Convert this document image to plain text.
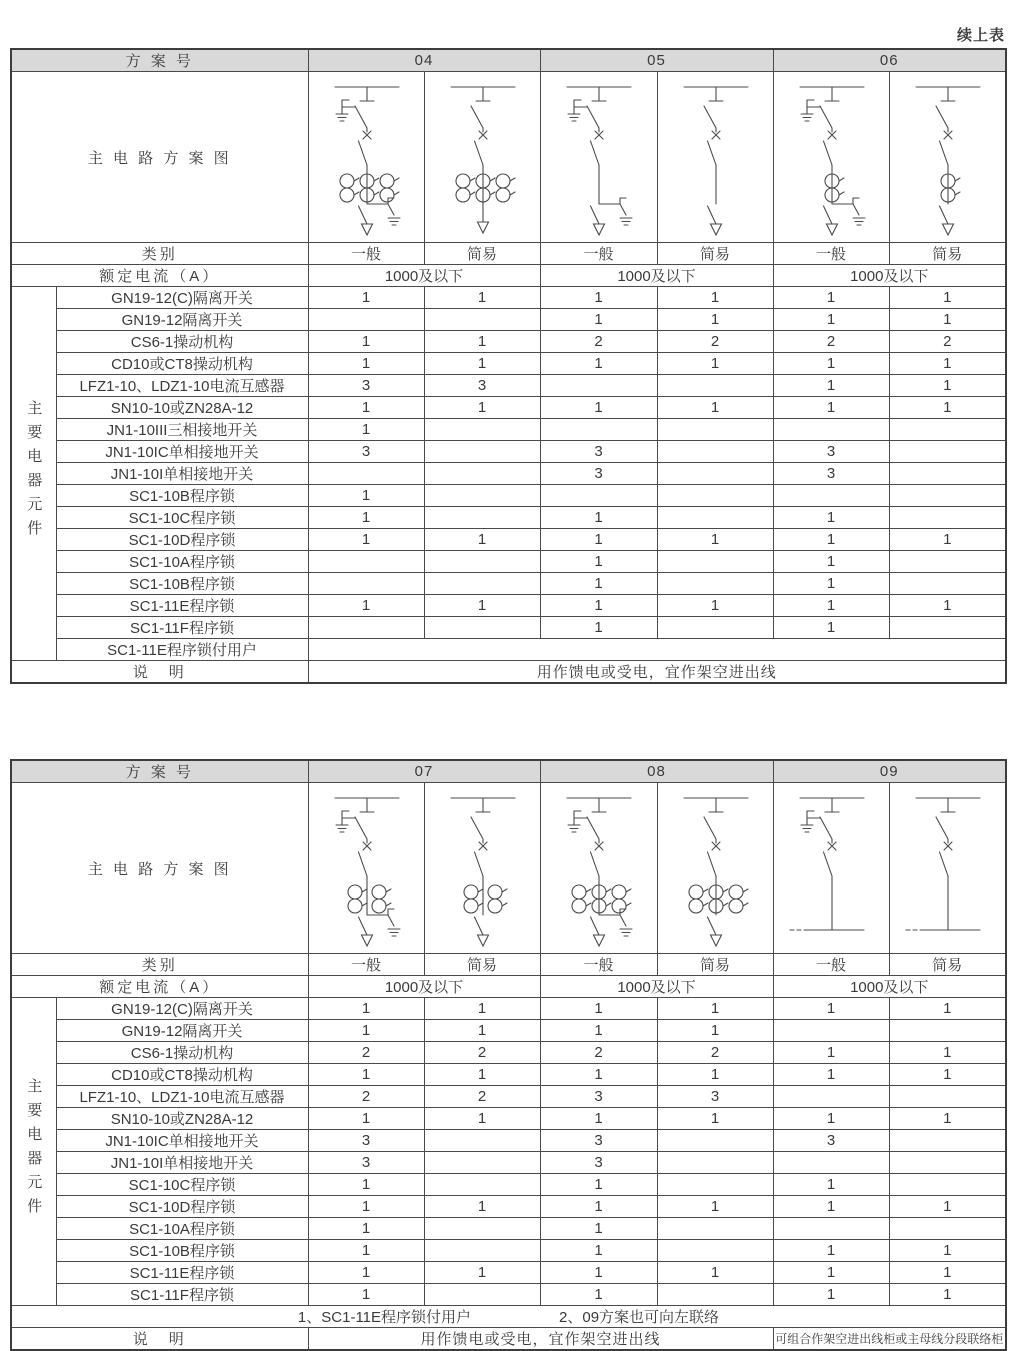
续上表
方 案 号		04		05		06	
主 电 路 方 案 图	

类别		一般	简易	一般	简易	一般	简易
额定电流（A）		1000及以下		1000及以下		1000及以下	
主要电器元件	GN19-12(C)隔离开关	1	1	1	1	1	1
	GN19-12隔离开关			1	1	1	1
	CS6-1操动机构	1	1	2	2	2	2
	CD10或CT8操动机构	1	1	1	1	1	1
	LFZ1-10、LDZ1-10电流互感器	3	3			1	1
	SN10-10或ZN28A-12	1	1	1	1	1	1
	JN1-10III三相接地开关	1					
	JN1-10IC单相接地开关	3		3		3	
	JN1-10I单相接地开关			3		3	
	SC1-10B程序锁	1					
	SC1-10C程序锁	1		1		1	
	SC1-10D程序锁	1	1	1	1	1	1
	SC1-10A程序锁			1		1	
	SC1-10B程序锁			1		1	
	SC1-11E程序锁	1	1	1	1	1	1
	SC1-11F程序锁			1		1	
	SC1-11E程序锁付用户						
说　明		用作馈电或受电，宜作架空进出线					
方 案 号		07		08		09	
主 电 路 方 案 图	

类别		一般	简易	一般	简易	一般	简易
额定电流（A）		1000及以下		1000及以下		1000及以下	
主要电器元件	GN19-12(C)隔离开关	1	1	1	1	1	1
	GN19-12隔离开关	1	1	1	1		
	CS6-1操动机构	2	2	2	2	1	1
	CD10或CT8操动机构	1	1	1	1	1	1
	LFZ1-10、LDZ1-10电流互感器	2	2	3	3		
	SN10-10或ZN28A-12	1	1	1	1	1	1
	JN1-10IC单相接地开关	3		3		3	
	JN1-10I单相接地开关	3		3			
	SC1-10C程序锁	1		1		1	
	SC1-10D程序锁	1	1	1	1	1	1
	SC1-10A程序锁	1		1			
	SC1-10B程序锁	1		1		1	1
	SC1-11E程序锁	1	1	1	1	1	1
	SC1-11F程序锁	1		1		1	1
1、SC1-11E程序锁付用户 2、09方案也可向左联络							
说　明		用作馈电或受电，宜作架空进出线				可组合作架空进出线柜或主母线分段联络柜	
